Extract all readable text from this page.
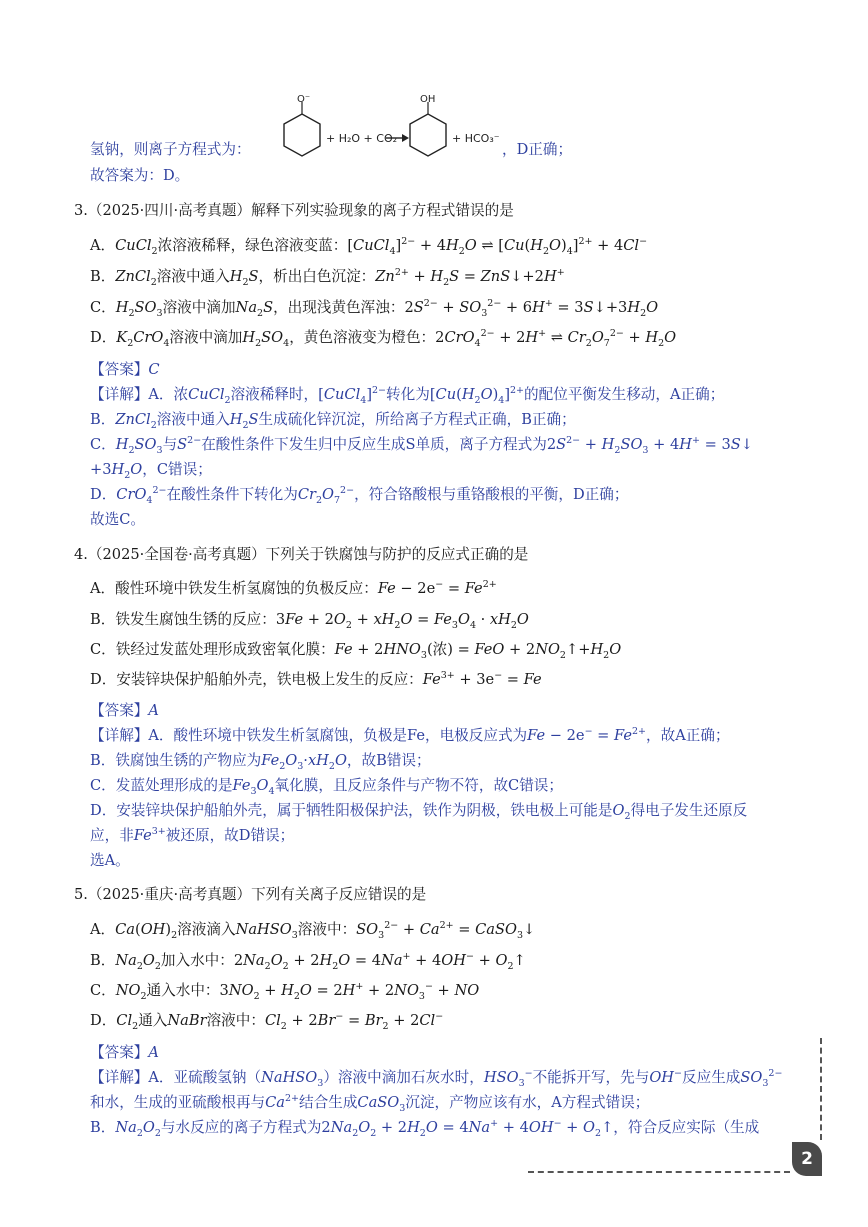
氢钠，则离子方程式为：
O⁻
+ H₂O + CO₂
OH
+ HCO₃⁻
，D正确；
故答案为：D。
3.（2025·四川·高考真题）解释下列实验现象的离子方程式错误的是
A．CuCl$_2$浓溶液稀释，绿色溶液变蓝：[CuCl$_4$]$^{2-}$ + $4H_2O$ ⇌ $[Cu(H_2O)_4]^{2+} + 4Cl^-$
B．ZnCl$_2$溶液中通入$H_2S$，析出白色沉淀：$Zn^{2+} + H_2S$ = ZnS↓+2H+
C．$H_2SO_3$溶液中滴加$Na_2S$，出现浅黄色浑浊：$2S^{2-} + SO_3^{2-} + 6H^+$ = $3S↓+3H_2O$
D．$K_2CrO_4$溶液中滴加$H_2SO_4$，黄色溶液变为橙色：2CrO$_4^{2-}$ + 2H+ ⇌ $Cr_2O_7^{2-} + H_2O$
【答案】C
【详解】A．浓CuCl$_2$溶液稀释时，[CuCl$_4$]$^{2-}$转化为$[Cu(H_2O)_4]^{2+}$的配位平衡发生移动，A正确；
B．ZnCl$_2$溶液中通入$H_2S$生成硫化锌沉淀，所给离子方程式正确，B正确；
C．$H_2SO_3$与$S^{2-}$在酸性条件下发生归中反应生成S单质，离子方程式为$2S^{2-} + H_2SO_3 + 4H^+$ = 3S↓
$+3H_2O$，C错误；
D．CrO$_4^{2-}$在酸性条件下转化为$Cr_2O_7^{2-}$，符合铬酸根与重铬酸根的平衡，D正确；
故选C。
4.（2025·全国卷·高考真题）下列关于铁腐蚀与防护的反应式正确的是
A．酸性环境中铁发生析氢腐蚀的负极反应：$Fe - 2e^- = Fe^{2+}$
B．铁发生腐蚀生锈的反应：$3Fe + 2O_2 + xH_2O = Fe_3O_4 \cdot xH_2O$
C．铁经过发蓝处理形成致密氧化膜：$Fe + 2HNO_3$(浓) = FeO + $2NO_2↑+H_2O$
D．安装锌块保护船舶外壳，铁电极上发生的反应：$Fe^{3+} + 3e^- = Fe$
【答案】A
【详解】A．酸性环境中铁发生析氢腐蚀，负极是Fe，电极反应式为$Fe - 2e^- = Fe^{2+}$，故A正确；
B．铁腐蚀生锈的产物应为$Fe_2O_3\cdot xH_2O$，故B错误；
C．发蓝处理形成的是$Fe_3O_4$氧化膜，且反应条件与产物不符，故C错误；
D．安装锌块保护船舶外壳，属于牺牲阳极保护法，铁作为阴极，铁电极上可能是$O_2$得电子发生还原反
应，非$Fe^{3+}$被还原，故D错误；
选A。
5.（2025·重庆·高考真题）下列有关离子反应错误的是
A．$Ca(OH)_2$溶液滴入NaHSO$_3$溶液中：$SO_3^{2-} + Ca^{2+}$ = CaSO$_3$↓
B．$Na_2O_2$加入水中：$2Na_2O_2 + 2H_2O = 4Na^+ + 4OH^-$ + $O_2↑$
C．$NO_2$通入水中：$3NO_2 + H_2O = 2H^+ + 2NO_3^-$ + NO
D．$Cl_2$通入NaBr溶液中：$Cl_2 + 2Br^- = Br_2 + 2Cl^-$
【答案】A
【详解】A．亚硫酸氢钠（NaHSO$_3$）溶液中滴加石灰水时，$HSO_3^-$不能拆开写，先与OH−反应生成$SO_3^{2-}$
和水，生成的亚硫酸根再与$Ca^{2+}$结合生成CaSO$_3$沉淀，产物应该有水，A方程式错误；
B．$Na_2O_2$与水反应的离子方程式为$2Na_2O_2 + 2H_2O = 4Na^+ + 4OH^-$ + $O_2↑$，符合反应实际（生成
2
